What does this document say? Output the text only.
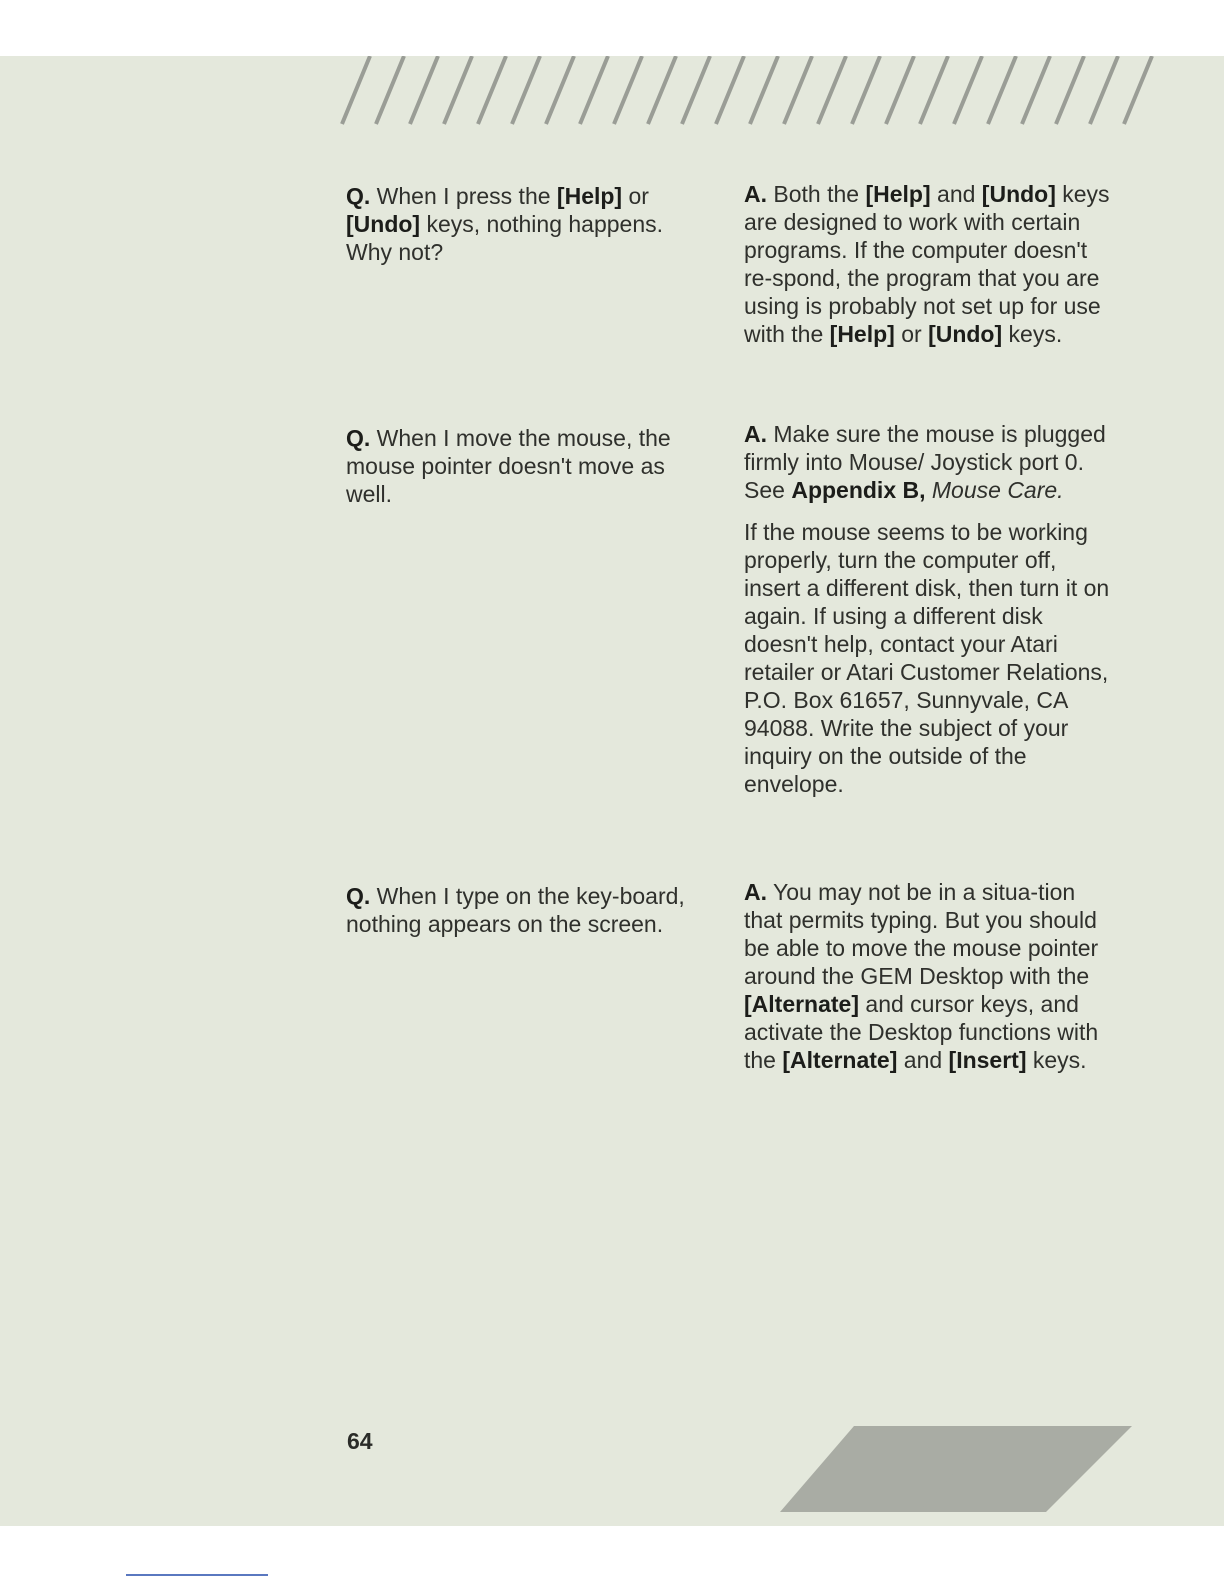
Q. When I press the [Help] or [Undo] keys, nothing happens. Why not?
A. Both the [Help] and [Undo] keys are designed to work with certain programs. If the computer doesn't re-spond, the program that you are using is probably not set up for use with the [Help] or [Undo] keys.
Q. When I move the mouse, the mouse pointer doesn't move as well.
A. Make sure the mouse is plugged firmly into Mouse/ Joystick port 0. See Appendix B, Mouse Care.
If the mouse seems to be working properly, turn the computer off, insert a different disk, then turn it on again. If using a different disk doesn't help, contact your Atari retailer or Atari Customer Relations, P.O. Box 61657, Sunnyvale, CA 94088. Write the subject of your inquiry on the outside of the envelope.
Q. When I type on the key-board, nothing appears on the screen.
A. You may not be in a situa-tion that permits typing. But you should be able to move the mouse pointer around the GEM Desktop with the [Alternate] and cursor keys, and activate the Desktop functions with the [Alternate] and [Insert] keys.
64
